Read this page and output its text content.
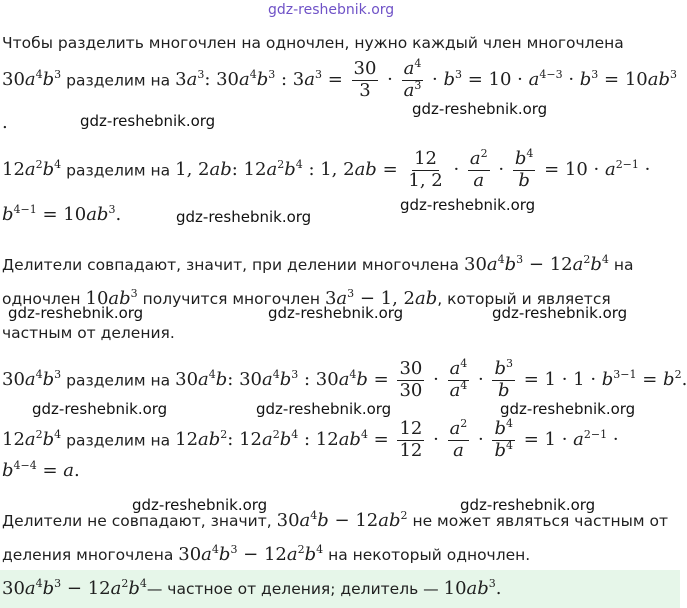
gdz-reshebnik.org
Чтобы разделить многочлен на одночлен, нужно каждый член многочлена
$30a^4b^3$ разделим на $3a^3$: $30a^4b^3$ : $3a^3 = \frac{30}{3} \cdot \frac{a^4}{a^3} \cdot b^3 = 10 \cdot a^{4-3} \cdot b^3 = 10ab^3$
.
$12a^2b^4$ разделим на 1, 2ab: $12a^2b^4$ : 1, $2ab = \frac{12}{1, 2} \cdot \frac{a^2}{a} \cdot \frac{b^4}{b} = 10 \cdot a^{2-1}$ ·
$b^{4-1} = 10ab^3$.
Делители совпадают, значит, при делении многочлена $30a^4b^3 - 12a^2b^4$ на
одночлен $10ab^3$ получится многочлен $3a^3 - 1$, 2ab, который и является
частным от деления.
$30a^4b^3$ разделим на $30a^4b$: $30a^4b^3$ : $30a^4b = \frac{30}{30} \cdot \frac{a^4}{a^4} \cdot \frac{b^3}{b} = 1 \cdot 1 \cdot b^{3-1} = b^2$.
$12a^2b^4$ разделим на $12ab^2$: $12a^2b^4$ : $12ab^4 = \frac{12}{12} \cdot \frac{a^2}{a} \cdot \frac{b^4}{b^4} = 1 \cdot a^{2-1}$ ·
$b^{4-4} = a$.
Делители не совпадают, значит, $30a^4b - 12ab^2$ не может являться частным от
деления многочлена $30a^4b^3 - 12a^2b^4$ на некоторый одночлен.
$30a^4b^3$ − $12a^2b^4—$ частное от деления; делитель — $10ab^3$.
gdz-reshebnik.org
gdz-reshebnik.org
gdz-reshebnik.org
gdz-reshebnik.org
gdz-reshebnik.org	gdz-reshebnik.org	gdz-reshebnik.org
gdz-reshebnik.org	gdz-reshebnik.org	gdz-reshebnik.org
gdz-reshebnik.org	gdz-reshebnik.org
